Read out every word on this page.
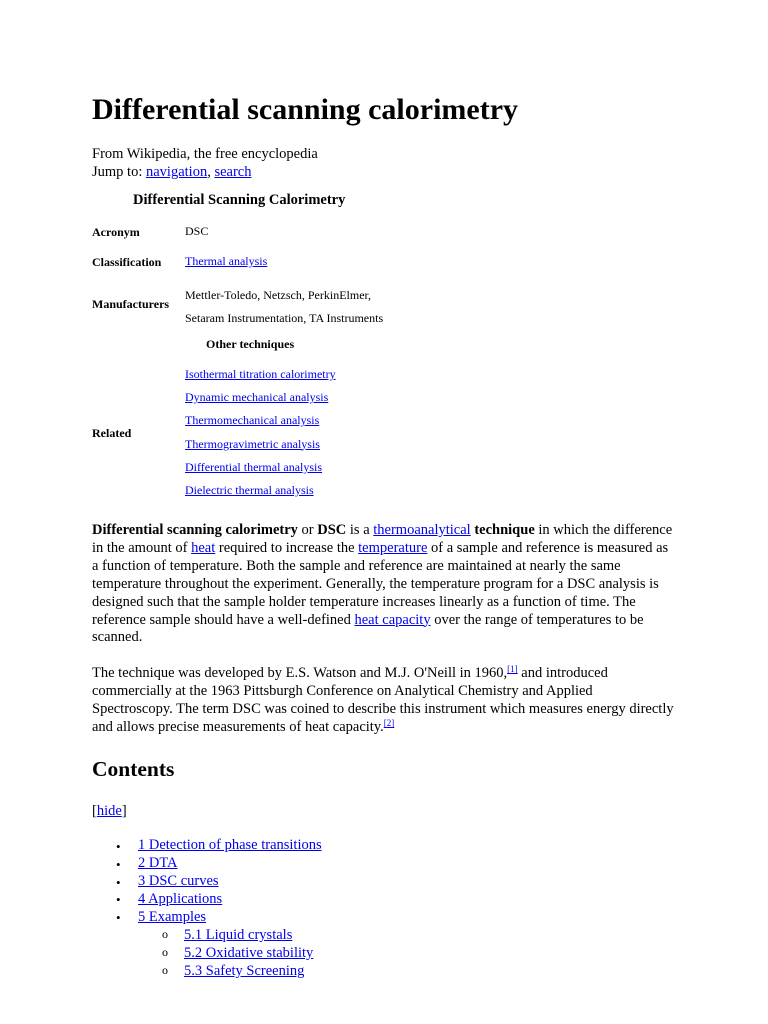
Differential scanning calorimetry
From Wikipedia, the free encyclopedia
Jump to: navigation, search
Differential Scanning Calorimetry
Acronym	DSC
Classification Thermal analysis
Manufacturers
Mettler-Toledo, Netzsch, PerkinElmer,
Setaram Instrumentation, TA Instruments
Other techniques
Related
Isothermal titration calorimetry
Dynamic mechanical analysis
Thermomechanical analysis
Thermogravimetric analysis
Differential thermal analysis
Dielectric thermal analysis

Differential scanning calorimetry or DSC is a thermoanalytical technique in which the difference in the amount of heat required to increase the temperature of a sample and reference is measured as a function of temperature. Both the sample and reference are maintained at nearly the same temperature throughout the experiment. Generally, the temperature program for a DSC analysis is designed such that the sample holder temperature increases linearly as a function of time. The reference sample should have a well-defined heat capacity over the range of temperatures to be scanned.

The technique was developed by E.S. Watson and M.J. O'Neill in 1960,[1] and introduced commercially at the 1963 Pittsburgh Conference on Analytical Chemistry and Applied Spectroscopy. The term DSC was coined to describe this instrument which measures energy directly and allows precise measurements of heat capacity.[2]

Contents
[hide]
• 1 Detection of phase transitions
• 2 DTA
• 3 DSC curves
• 4 Applications
• 5 Examples
o 5.1 Liquid crystals
o 5.2 Oxidative stability
o 5.3 Safety Screening
